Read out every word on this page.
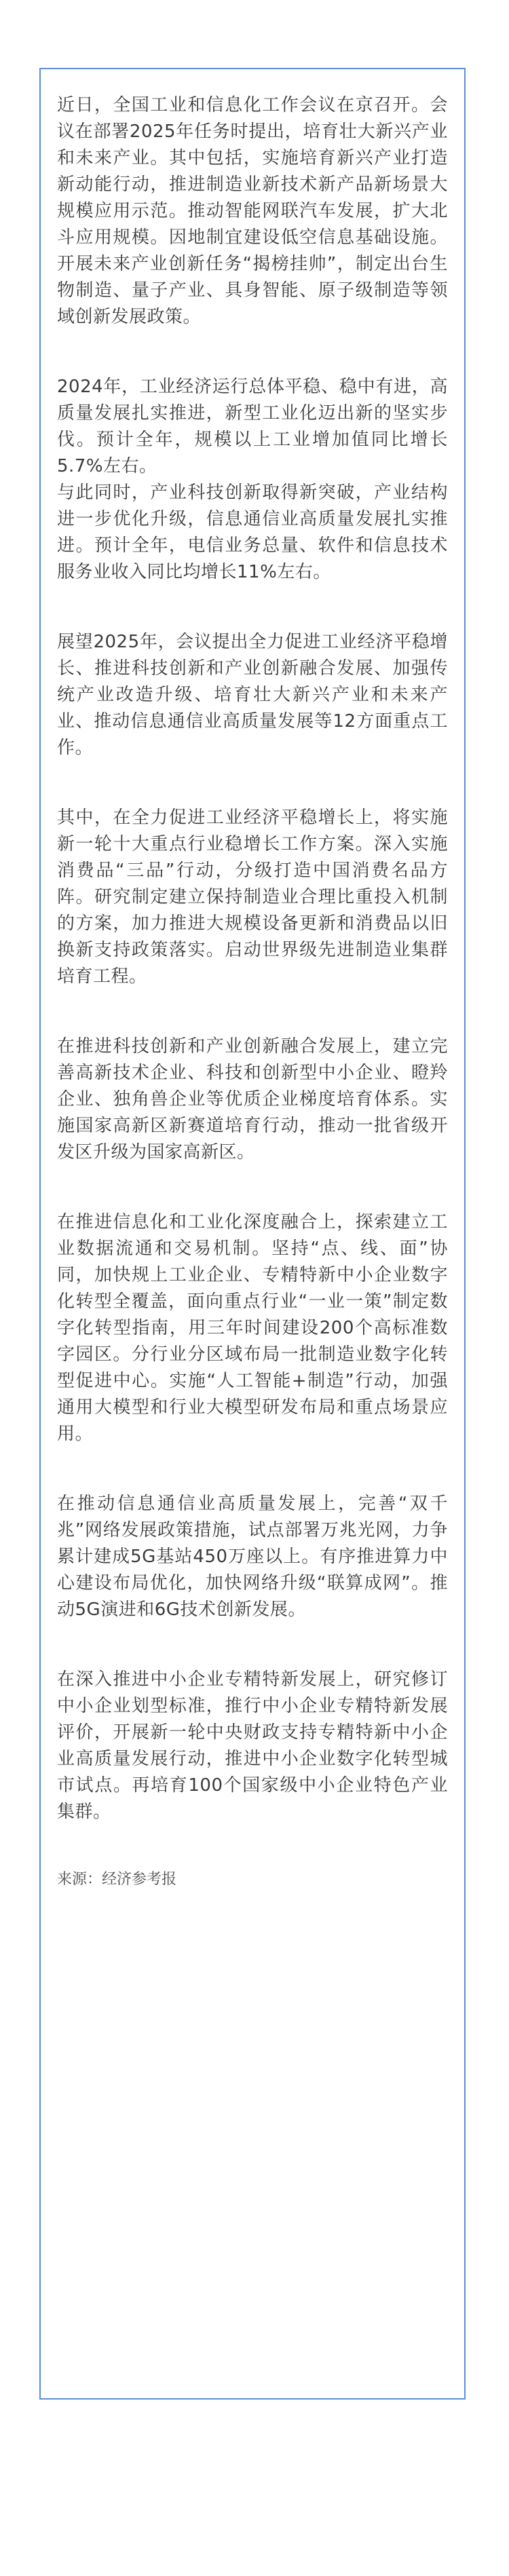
近日，全国工业和信息化工作会议在京召开。会议在部署2025年任务时提出，培育壮大新兴产业和未来产业。其中包括，实施培育新兴产业打造新动能行动，推进制造业新技术新产品新场景大规模应用示范。推动智能网联汽车发展，扩大北斗应用规模。因地制宜建设低空信息基础设施。开展未来产业创新任务“揭榜挂帅”，制定出台生物制造、量子产业、具身智能、原子级制造等领域创新发展政策。

2024年，工业经济运行总体平稳、稳中有进，高质量发展扎实推进，新型工业化迈出新的坚实步伐。预计全年，规模以上工业增加值同比增长5.7%左右。

与此同时，产业科技创新取得新突破，产业结构进一步优化升级，信息通信业高质量发展扎实推进。预计全年，电信业务总量、软件和信息技术服务业收入同比均增长11%左右。

展望2025年，会议提出全力促进工业经济平稳增长、推进科技创新和产业创新融合发展、加强传统产业改造升级、培育壮大新兴产业和未来产业、推动信息通信业高质量发展等12方面重点工作。

其中，在全力促进工业经济平稳增长上，将实施新一轮十大重点行业稳增长工作方案。深入实施消费品“三品”行动，分级打造中国消费名品方阵。研究制定建立保持制造业合理比重投入机制的方案，加力推进大规模设备更新和消费品以旧换新支持政策落实。启动世界级先进制造业集群培育工程。

在推进科技创新和产业创新融合发展上，建立完善高新技术企业、科技和创新型中小企业、瞪羚企业、独角兽企业等优质企业梯度培育体系。实施国家高新区新赛道培育行动，推动一批省级开发区升级为国家高新区。

在推进信息化和工业化深度融合上，探索建立工业数据流通和交易机制。坚持“点、线、面”协同，加快规上工业企业、专精特新中小企业数字化转型全覆盖，面向重点行业“一业一策”制定数字化转型指南，用三年时间建设200个高标准数字园区。分行业分区域布局一批制造业数字化转型促进中心。实施“人工智能+制造”行动，加强通用大模型和行业大模型研发布局和重点场景应用。

在推动信息通信业高质量发展上，完善“双千兆”网络发展政策措施，试点部署万兆光网，力争累计建成5G基站450万座以上。有序推进算力中心建设布局优化，加快网络升级“联算成网”。推动5G演进和6G技术创新发展。

在深入推进中小企业专精特新发展上，研究修订中小企业划型标准，推行中小企业专精特新发展评价，开展新一轮中央财政支持专精特新中小企业高质量发展行动，推进中小企业数字化转型城市试点。再培育100个国家级中小企业特色产业集群。

来源：经济参考报
